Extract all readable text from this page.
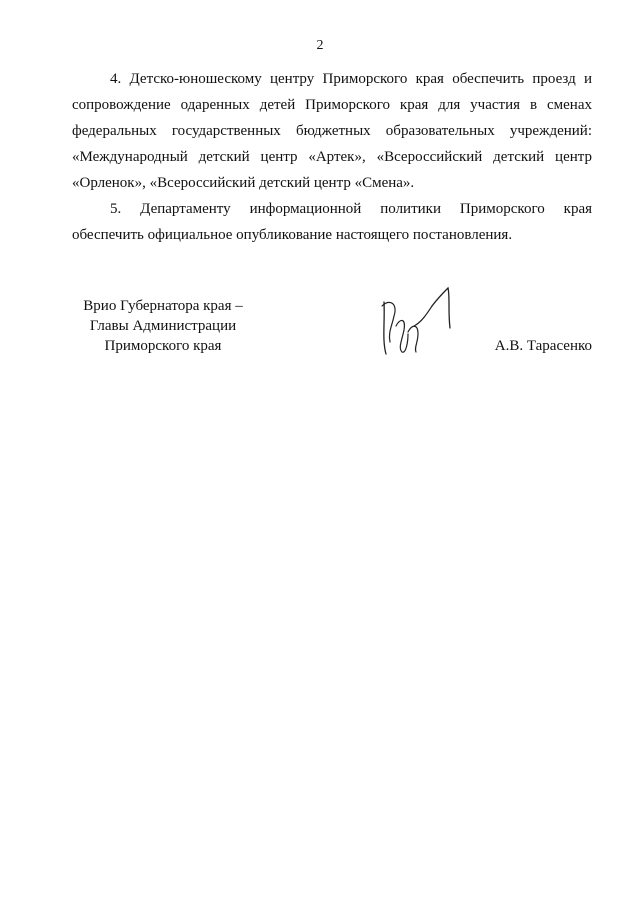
2
4. Детско-юношескому центру Приморского края обеспечить проезд и
сопровождение одаренных детей Приморского края для участия в сменах
федеральных государственных бюджетных образовательных учреждений:
«Международный детский центр «Артек», «Всероссийский детский центр
«Орленок», «Всероссийский детский центр «Смена».
5. Департаменту информационной политики Приморского края
обеспечить официальное опубликование настоящего постановления.
Врио Губернатора края –
Главы Администрации
Приморского края	А.В. Тарасенко
